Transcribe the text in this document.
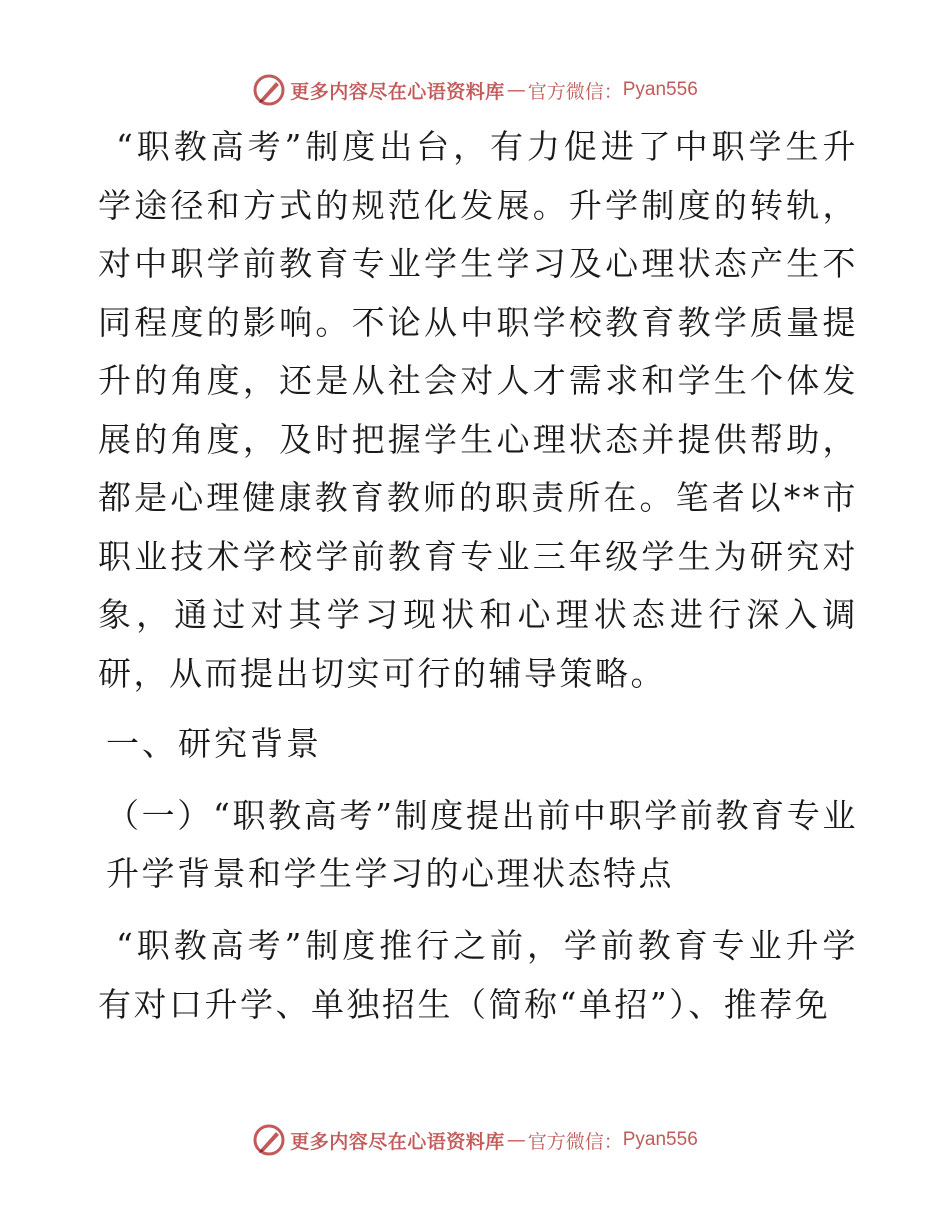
更多内容尽在心语资料库 — 官方微信： Pyan556

“职教高考”制度出台，有力促进了中职学生升学途径和方式的规范化发展。升学制度的转轨，对中职学前教育专业学生学习及心理状态产生不同程度的影响。不论从中职学校教育教学质量提升的角度，还是从社会对人才需求和学生个体发展的角度，及时把握学生心理状态并提供帮助，都是心理健康教育教师的职责所在。笔者以**市职业技术学校学前教育专业三年级学生为研究对象，通过对其学习现状和心理状态进行深入调研，从而提出切实可行的辅导策略。

一、研究背景

（一）“职教高考”制度提出前中职学前教育专业升学背景和学生学习的心理状态特点

“职教高考”制度推行之前，学前教育专业升学有对口升学、单独招生（简称“单招”）、推荐免

更多内容尽在心语资料库 — 官方微信： Pyan556
